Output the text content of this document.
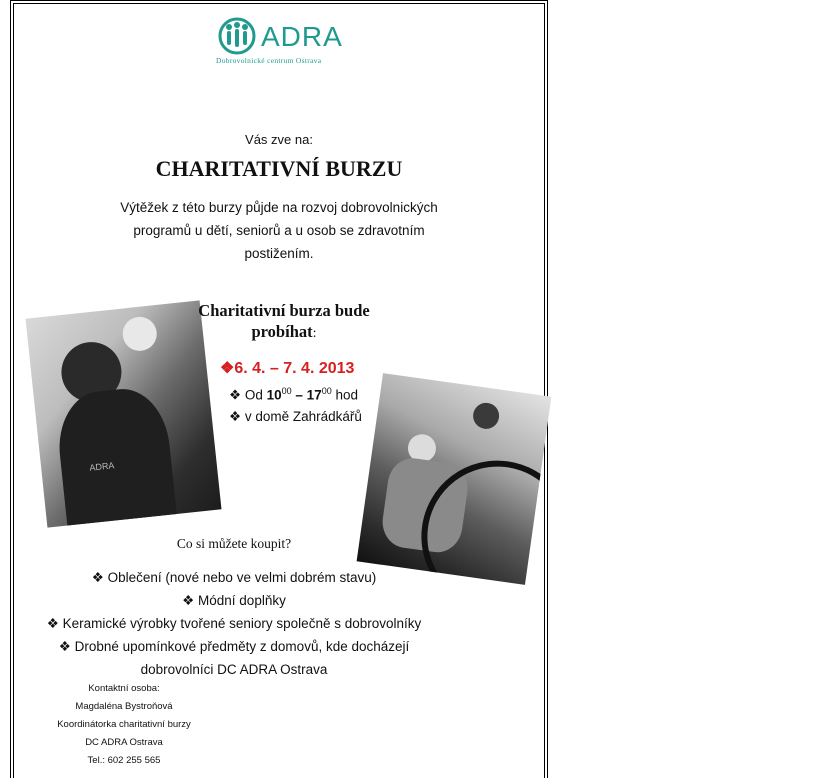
ADRA
Dobrovolnické centrum Ostrava
Vás zve na:
CHARITATIVNÍ BURZU
Výtěžek z této burzy půjde na rozvoj dobrovolnických programů u dětí, seniorů a u osob se zdravotním postižením.
ADRA
Charitativní burza bude
probíhat:
❖6. 4. – 7. 4. 2013
❖ Od $10^{00} - 17^{00}$ hod
❖ v domě Zahrádkářů
Co si můžete koupit?
❖ Oblečení (nové nebo ve velmi dobrém stavu)
❖ Módní doplňky
❖ Keramické výrobky tvořené seniory společně s dobrovolníky
❖ Drobné upomínkové předměty z domovů, kde docházejí
dobrovolníci DC ADRA Ostrava
Kontaktní osoba:
Magdaléna Bystroňová
Koordinátorka charitativní burzy
DC ADRA Ostrava
Tel.: 602 255 565
